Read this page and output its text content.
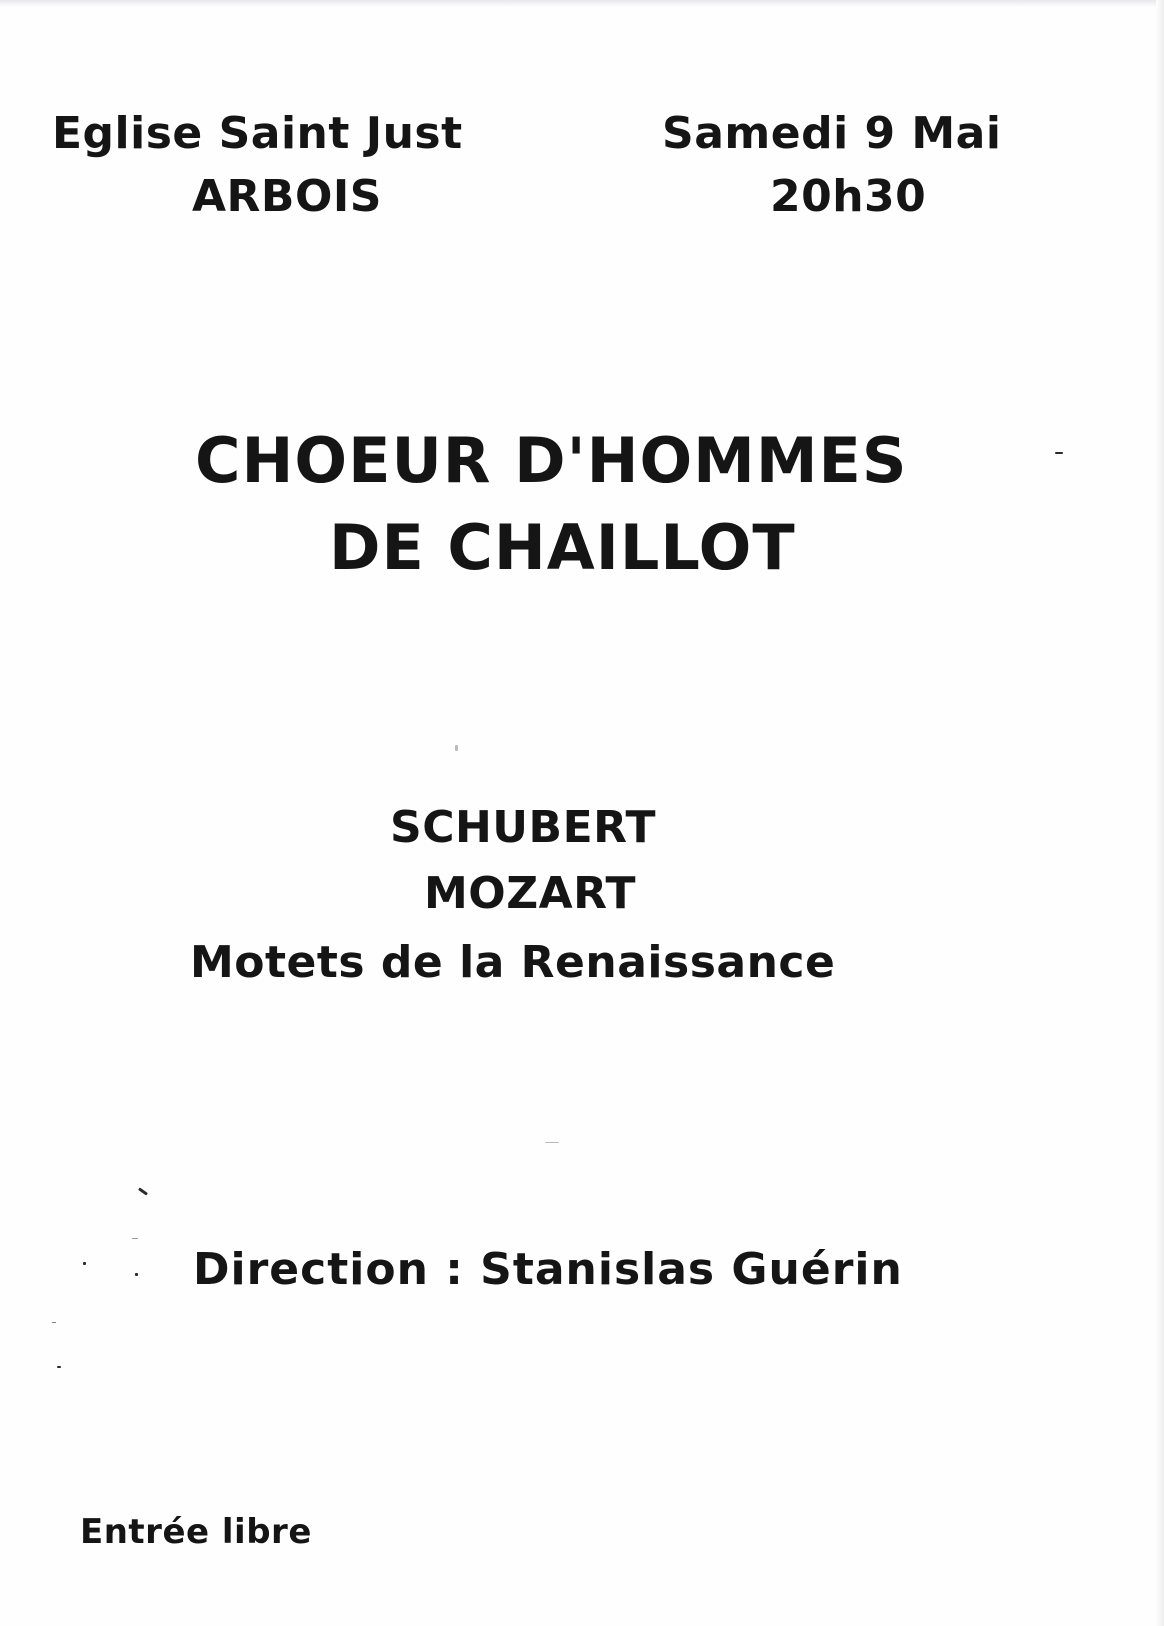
Eglise Saint Just
ARBOIS
Samedi 9 Mai
20h30
CHOEUR D'HOMMES
DE CHAILLOT
SCHUBERT
MOZART
Motets de la Renaissance
Direction : Stanislas Guérin
Entrée libre
